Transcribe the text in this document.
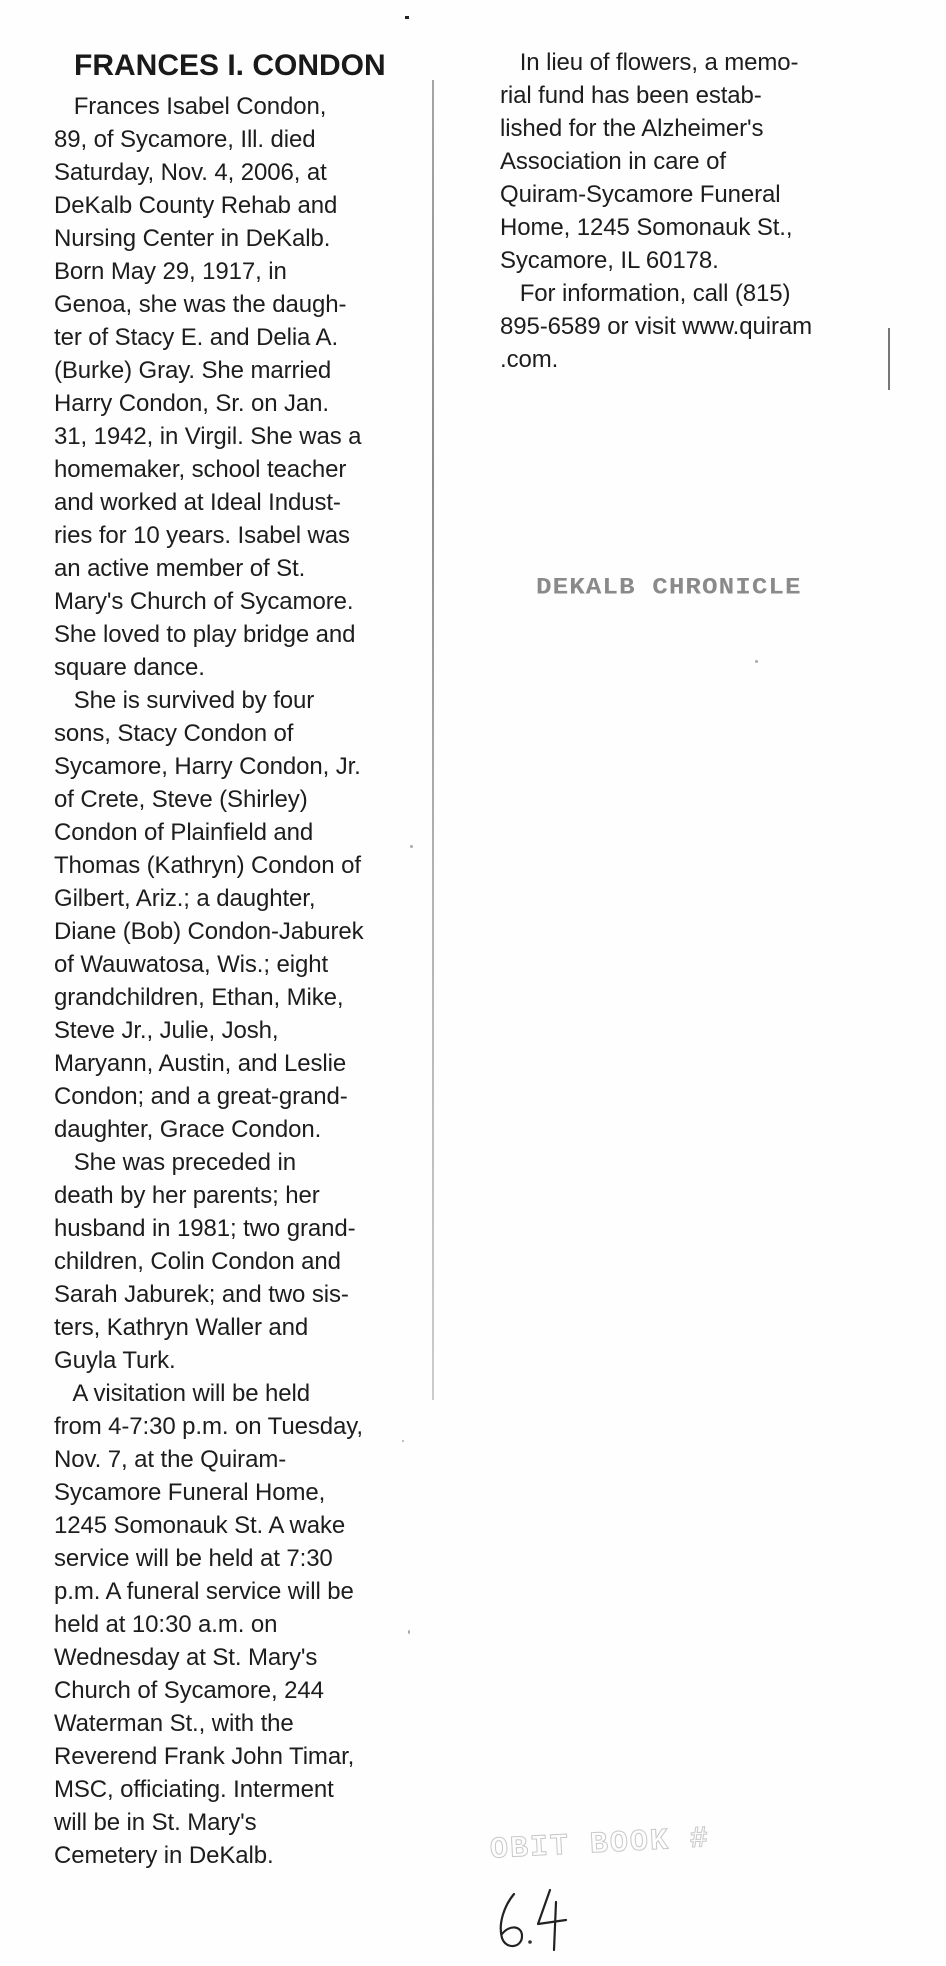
FRANCES I. CONDON
Frances Isabel Condon,
89, of Sycamore, Ill. died
Saturday, Nov. 4, 2006, at
DeKalb County Rehab and
Nursing Center in DeKalb.
Born May 29, 1917, in
Genoa, she was the daugh-
ter of Stacy E. and Delia A.
(Burke) Gray. She married
Harry Condon, Sr. on Jan.
31, 1942, in Virgil. She was a
homemaker, school teacher
and worked at Ideal Indust-
ries for 10 years. Isabel was
an active member of St.
Mary's Church of Sycamore.
She loved to play bridge and
square dance.
She is survived by four
sons, Stacy Condon of
Sycamore, Harry Condon, Jr.
of Crete, Steve (Shirley)
Condon of Plainfield and
Thomas (Kathryn) Condon of
Gilbert, Ariz.; a daughter,
Diane (Bob) Condon-Jaburek
of Wauwatosa, Wis.; eight
grandchildren, Ethan, Mike,
Steve Jr., Julie, Josh,
Maryann, Austin, and Leslie
Condon; and a great-grand-
daughter, Grace Condon.
She was preceded in
death by her parents; her
husband in 1981; two grand-
children, Colin Condon and
Sarah Jaburek; and two sis-
ters, Kathryn Waller and
Guyla Turk.
A visitation will be held
from 4-7:30 p.m. on Tuesday,
Nov. 7, at the Quiram-
Sycamore Funeral Home,
1245 Somonauk St. A wake
service will be held at 7:30
p.m. A funeral service will be
held at 10:30 a.m. on
Wednesday at St. Mary's
Church of Sycamore, 244
Waterman St., with the
Reverend Frank John Timar,
MSC, officiating. Interment
will be in St. Mary's
Cemetery in DeKalb.
In lieu of flowers, a memo-
rial fund has been estab-
lished for the Alzheimer's
Association in care of
Quiram-Sycamore Funeral
Home, 1245 Somonauk St.,
Sycamore, IL 60178.
For information, call (815)
895-6589 or visit www.quiram
.com.
DEKALB CHRONICLE
OBIT BOOK #
